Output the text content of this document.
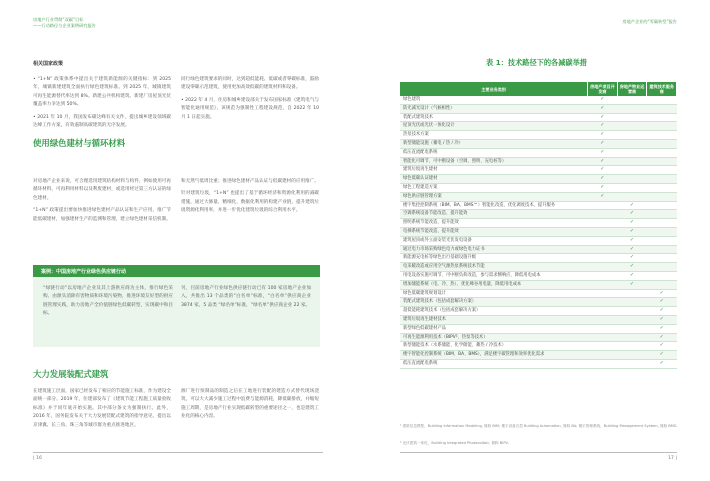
房地产行业贯彻“双碳”目标
——行动路径与企业案例研究报告
相关国家政策

• “1+N” 政策体系中提出关于建筑新能源的关键指标：到 2025 年，城镇新建建筑全面执行绿色建筑标准。到 2025 年，城镇建筑可再生能源替代率达到 8%。新建公共机构建筑、新建厂房屋顶光伏覆盖率力争达到 50%。

• 2021 年 10 月，我国发布碳达峰有关文件，提出城乡建设领域碳达峰工作方案，有效遏制高碳建筑的无序发展。

同行绿色建筑要求的同时，达到超低能耗、低碳或者零碳标准，鼓励建设零碳示范建筑，使用更加高效低碳的建筑材料和设备。

• 2022 年 4 月，住房和城乡建设部关于发布国家标准《建筑电气与智能化通用规范》，该规范为强制性工程建设规范，自 2022 年 10 月 1 日起实施。

使用绿色建材与循环材料

对房地产企业来说，可合理选用建筑结构材料与构件，例如使用可再循环材料，可再利用材料以及利废建材，或选用经过第三方认证的绿色建材。

“1+N” 政策提出要加快推进绿色建材产品认证和生产应用，推广节能低碳建材，加强建材生产的监测和管理，建立绿色建材采信机制。

和无然气低周比重；推进绿色建材产品认证与低碳建材的应用推广。

针对建筑垃圾，“1+N” 也提出了基于循环经济和资源化利用的减碳措施，通过大修量、精细化、数据化利用的构建产业链，提升建筑垃圾资源化利用率，并进一步优化建筑垃圾的综合利用水平。

案例：中国房地产行业绿色供应链行动
“绿链行动”以房地产企业及其上游供应商为主体，推行绿色采购、由源头消除有害物质和环境污染物，推进环境友好型的供应链管理实践，助力房地产全价值链绿色低碳转型，实现碳中和目标。
另，目前房地产行业绿色供应链行动已有 100 家房地产企业加入，共推出 13 个品类的“白名单”标准，“白名单”供应商企业 3874 家，5 品类 “绿名单”标准，“绿名单”供应商企业 22 家。
大力发展装配式建筑
在建筑施工层面，国家已经发布了相应的节能施工标准，作为建设全面统一部分。2019 年，住建部发布了《建筑节能工程施工质量验收标准》并于同年底开始实施。其中部分条文为强制执行。此外，2016 年，国务院发布关于大力发展装配式建筑的指导意见，提出以京津冀、长三角、珠三角等城市群为重点推进地区。
源厂进行预制品的制造之后在工地进行装配的建造方式替代现场浇筑，可以大大减少施工过程中浪费与能源消耗，降低碳排放，并缩短施工周期，是房地产行业实现低碳转型的重要途径之一，也是建筑工业化的核心内容。
| 16
房地产企业的“零碳转型”报告
表 1：技术路径下的各减碳举措
主要业务类别	房地产项目开发商	房地产物业运营商	建筑技术服务商
绿色建筑	✓		
防光减光设计（气候相性）	✓		
装配式建筑技术	✓		
屋顶光伏或光伏一体化设计	✓		
热泵技术方案	✓		
新型储能设施（蓄电 / 热 / 冷）	✓		
低压直流配电系统	✓		
智能化可调节、可中断设备（空调、照明、充电桩等）	✓		
建筑垃圾再生建材	✓		
绿色低碳认证建材	✓		
绿色工程建造方案	✓		
绿色供应链管理方案	✓		
楼宇集控控制系统（BIM、BA、BMS™）智能化改造、优化调度技术、提升服务		✓	
空调系统设备节能改造、提升能效		✓	
照明系统节能改造、提升能效		✓	
电梯系统节能改造、提升能效		✓	
建筑屋顶或外立面安装光伏发电设备		✓	
通过电力市场采购绿色电力或绿色电力证书		✓	
新能源充电桩等绿色出行基础设施升级		✓	
电采暖改造或应用空气源热泵系统技术节能		✓	
用电设备实施可调节、可中断负荷改造，参与需求侧响应，降低用电成本		✓	
增加储能系统（电、冷、热），优化峰谷用电量，降低用电成本		✓	
绿色低碳建筑规划设计			✓
装配式建筑技术（包括成套解决方案）			✓
超低能耗建筑技术（包括成套解决方案）			✓
建筑垃圾再生建材技术			✓
新型绿色低碳建材产品			✓
可再生能源利用技术（BIPV²、热泵等技术）			✓
新型储能技术（水系储能、化学储能、蓄热 / 冷技术）			✓
楼宇智能化控制系统（BIM、BA、BMS），满足楼宇碳管理和效率优化需求			✓
低压直流配电系统			✓
¹ 建筑信息模型，Building Information Modeling, 简称 BIM; 楼宇设备自控 Building Automation, 简称 BA; 楼宇管理系统，Building Management System, 简称 BMS.
² 光伏建筑一体化，Building Integrated Photovoltaic, 简称 BIPV.
17 |
